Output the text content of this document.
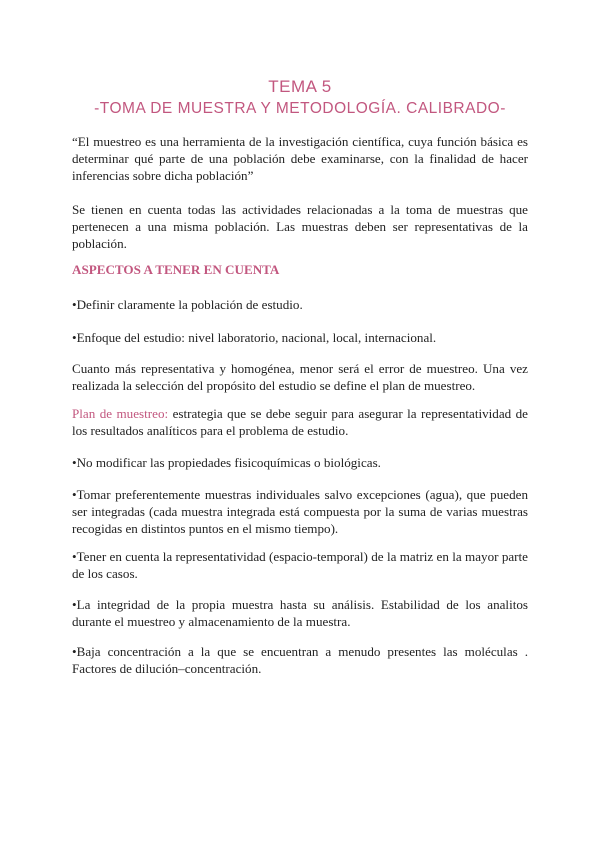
TEMA 5
-TOMA DE MUESTRA Y METODOLOGÍA. CALIBRADO-

“El muestreo es una herramienta de la investigación científica, cuya función básica es determinar qué parte de una población debe examinarse, con la finalidad de hacer inferencias sobre dicha población”

Se tienen en cuenta todas las actividades relacionadas a la toma de muestras que pertenecen a una misma población. Las muestras deben ser representativas de la población.

ASPECTOS A TENER EN CUENTA

•Definir claramente la población de estudio.

•Enfoque del estudio: nivel laboratorio, nacional, local, internacional.

Cuanto más representativa y homogénea, menor será el error de muestreo. Una vez realizada la selección del propósito del estudio se define el plan de muestreo.

Plan de muestreo: estrategia que se debe seguir para asegurar la representatividad de los resultados analíticos para el problema de estudio.

•No modificar las propiedades fisicoquímicas o biológicas.

•Tomar preferentemente muestras individuales salvo excepciones (agua), que pueden ser integradas (cada muestra integrada está compuesta por la suma de varias muestras recogidas en distintos puntos en el mismo tiempo).

•Tener en cuenta la representatividad (espacio-temporal) de la matriz en la mayor parte de los casos.

•La integridad de la propia muestra hasta su análisis. Estabilidad de los analitos durante el muestreo y almacenamiento de la muestra.

•Baja concentración a la que se encuentran a menudo presentes las moléculas . Factores de dilución–concentración.
